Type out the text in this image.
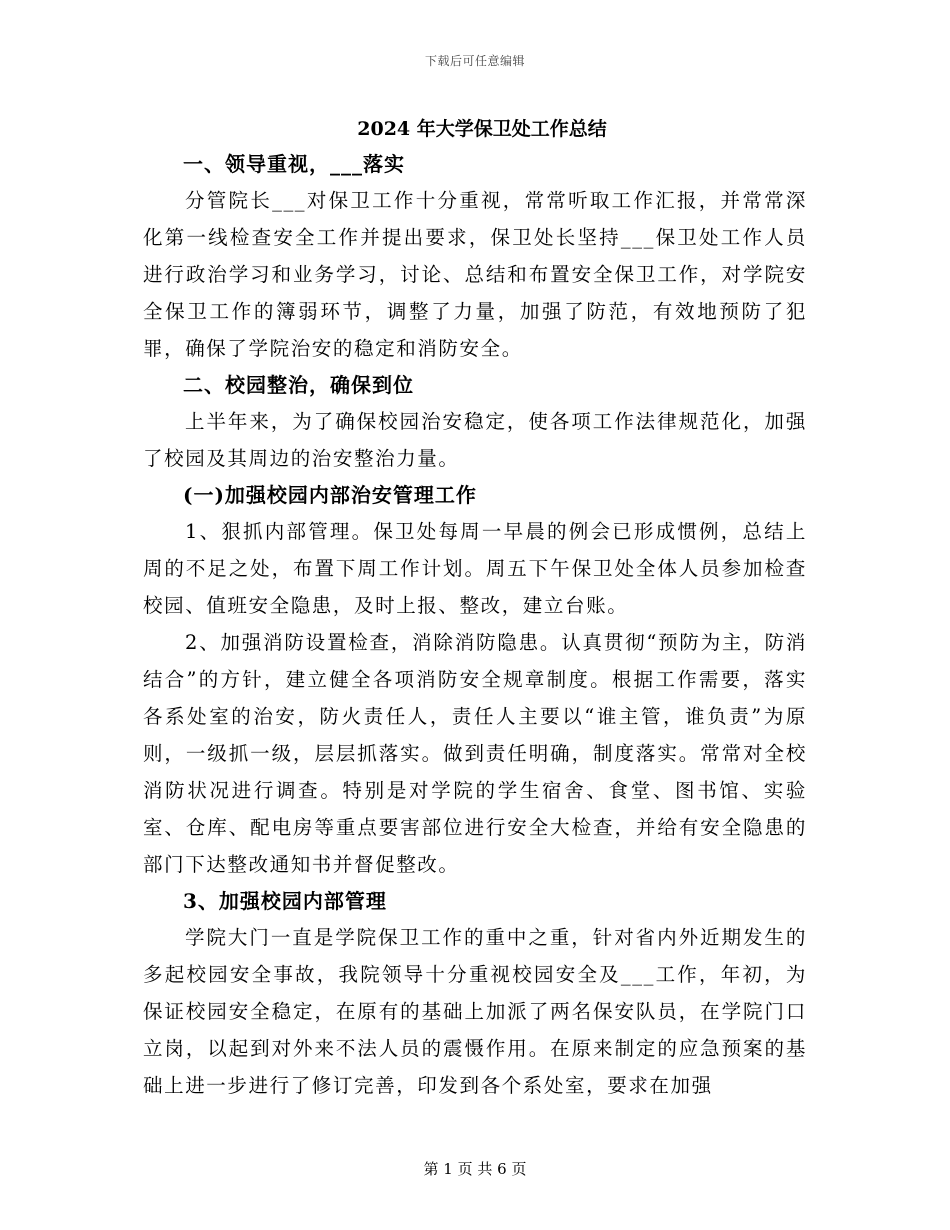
下载后可任意编辑
2024 年大学保卫处工作总结
一、领导重视，___落实

分管院长___对保卫工作十分重视，常常听取工作汇报，并常常深化第一线检查安全工作并提出要求，保卫处长坚持___保卫处工作人员进行政治学习和业务学习，讨论、总结和布置安全保卫工作，对学院安全保卫工作的簿弱环节，调整了力量，加强了防范，有效地预防了犯罪，确保了学院治安的稳定和消防安全。

二、校园整治，确保到位

上半年来，为了确保校园治安稳定，使各项工作法律规范化，加强了校园及其周边的治安整治力量。

(一)加强校园内部治安管理工作

1、狠抓内部管理。保卫处每周一早晨的例会已形成惯例，总结上周的不足之处，布置下周工作计划。周五下午保卫处全体人员参加检查校园、值班安全隐患，及时上报、整改，建立台账。

2、加强消防设置检查，消除消防隐患。认真贯彻“预防为主，防消结合”的方针，建立健全各项消防安全规章制度。根据工作需要，落实各系处室的治安，防火责任人，责任人主要以“谁主管，谁负责”为原则，一级抓一级，层层抓落实。做到责任明确，制度落实。常常对全校消防状况进行调查。特别是对学院的学生宿舍、食堂、图书馆、实验室、仓库、配电房等重点要害部位进行安全大检查，并给有安全隐患的部门下达整改通知书并督促整改。

3、加强校园内部管理

学院大门一直是学院保卫工作的重中之重，针对省内外近期发生的多起校园安全事故，我院领导十分重视校园安全及___工作，年初，为保证校园安全稳定，在原有的基础上加派了两名保安队员，在学院门口立岗，以起到对外来不法人员的震慑作用。在原来制定的应急预案的基础上进一步进行了修订完善，印发到各个系处室，要求在加强

第 1 页 共 6 页
